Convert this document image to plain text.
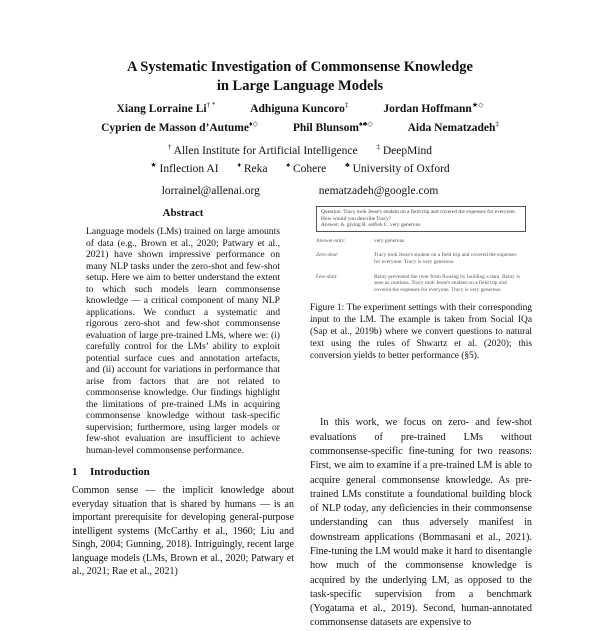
A Systematic Investigation of Commonsense Knowledge
in Large Language Models
Xiang Lorraine Li† *	Adhiguna Kuncoro‡	Jordan Hoffmann★◇
Cyprien de Masson d’Autume♦◇	Phil Blunsom♠♣◇	Aida Nematzadeh‡
† Allen Institute for Artificial Intelligence	‡ DeepMind
★ Inflection AI	♦ Reka	♠ Cohere	♣ University of Oxford
lorrainel@allenai.org	nematzadeh@google.com
Abstract

Language models (LMs) trained on large amounts of data (e.g., Brown et al., 2020; Patwary et al., 2021) have shown impressive performance on many NLP tasks under the zero-shot and few-shot setup. Here we aim to better understand the extent to which such models learn commonsense knowledge — a critical component of many NLP applications. We conduct a systematic and rigorous zero-shot and few-shot commonsense evaluation of large pre-trained LMs, where we: (i) carefully control for the LMs’ ability to exploit potential surface cues and annotation artefacts, and (ii) account for variations in performance that arise from factors that are not related to commonsense knowledge. Our findings highlight the limitations of pre-trained LMs in acquiring commonsense knowledge without task-specific supervision; furthermore, using larger models or few-shot evaluation are insufficient to achieve human-level commonsense performance.

1 Introduction

Common sense — the implicit knowledge about everyday situation that is shared by humans — is an important prerequisite for developing general-purpose intelligent systems (McCarthy et al., 1960; Liu and Singh, 2004; Gunning, 2018). Intriguingly, recent large language models (LMs, Brown et al., 2020; Patwary et al., 2021; Rae et al., 2021)

Question: Tracy took Jesse's student on a field trip and covered the expenses for everyone. How would you describe Tracy?
Answer: A. giving B. selfish C. very generous
Answer-only:	very generous
Zero-shot:	Tracy took Jesse's student on a field trip and covered the expenses for everyone. Tracy is very generous.
Few-shot:	Remy prevented the river from flowing by building a dam. Remy is seen as cautious. Tracy took Jesse's student on a field trip and covered the expenses for everyone. Tracy is very generous.

Figure 1: The experiment settings with their corresponding input to the LM. The example is taken from Social IQa (Sap et al., 2019b) where we convert questions to natural text using the rules of Shwartz et al. (2020); this conversion yields to better performance (§5).

In this work, we focus on zero- and few-shot evaluations of pre-trained LMs without commonsense-specific fine-tuning for two reasons: First, we aim to examine if a pre-trained LM is able to acquire general commonsense knowledge. As pre-trained LMs constitute a foundational building block of NLP today, any deficiencies in their commonsense understanding can thus adversely manifest in downstream applications (Bommasani et al., 2021). Fine-tuning the LM would make it hard to disentangle how much of the commonsense knowledge is acquired by the underlying LM, as opposed to the task-specific supervision from a benchmark (Yogatama et al., 2019). Second, human-annotated commonsense datasets are expensive to
